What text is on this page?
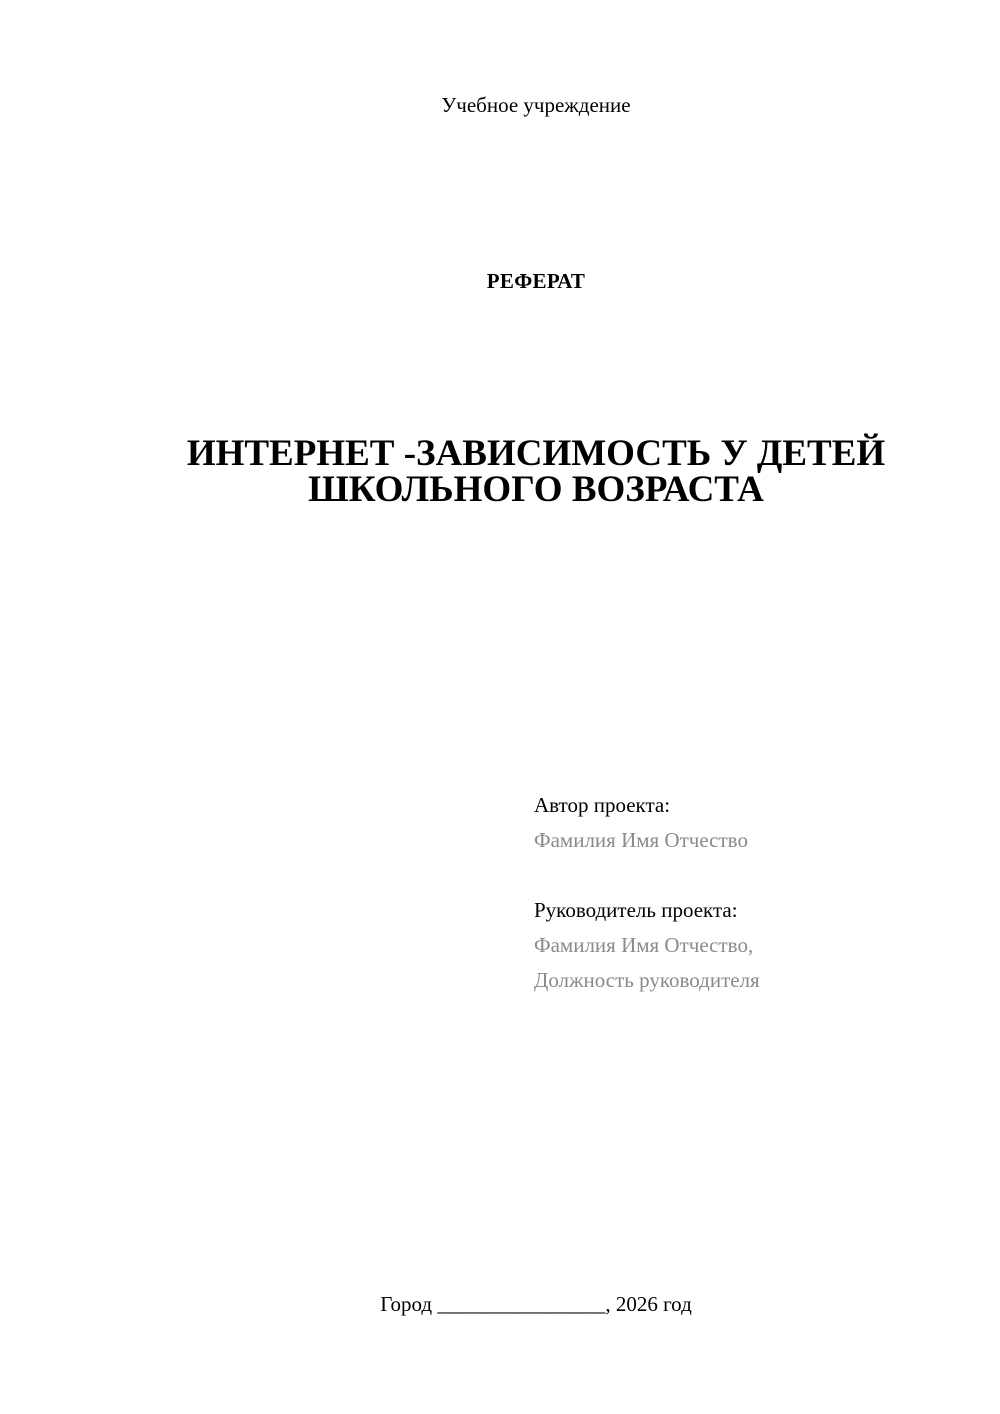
Учебное учреждение
РЕФЕРАТ
ИНТЕРНЕТ -ЗАВИСИМОСТЬ У ДЕТЕЙ
ШКОЛЬНОГО ВОЗРАСТА
Автор проекта:
Фамилия Имя Отчество
Руководитель проекта:
Фамилия Имя Отчество,
Должность руководителя
Город ________________, 2026 год
